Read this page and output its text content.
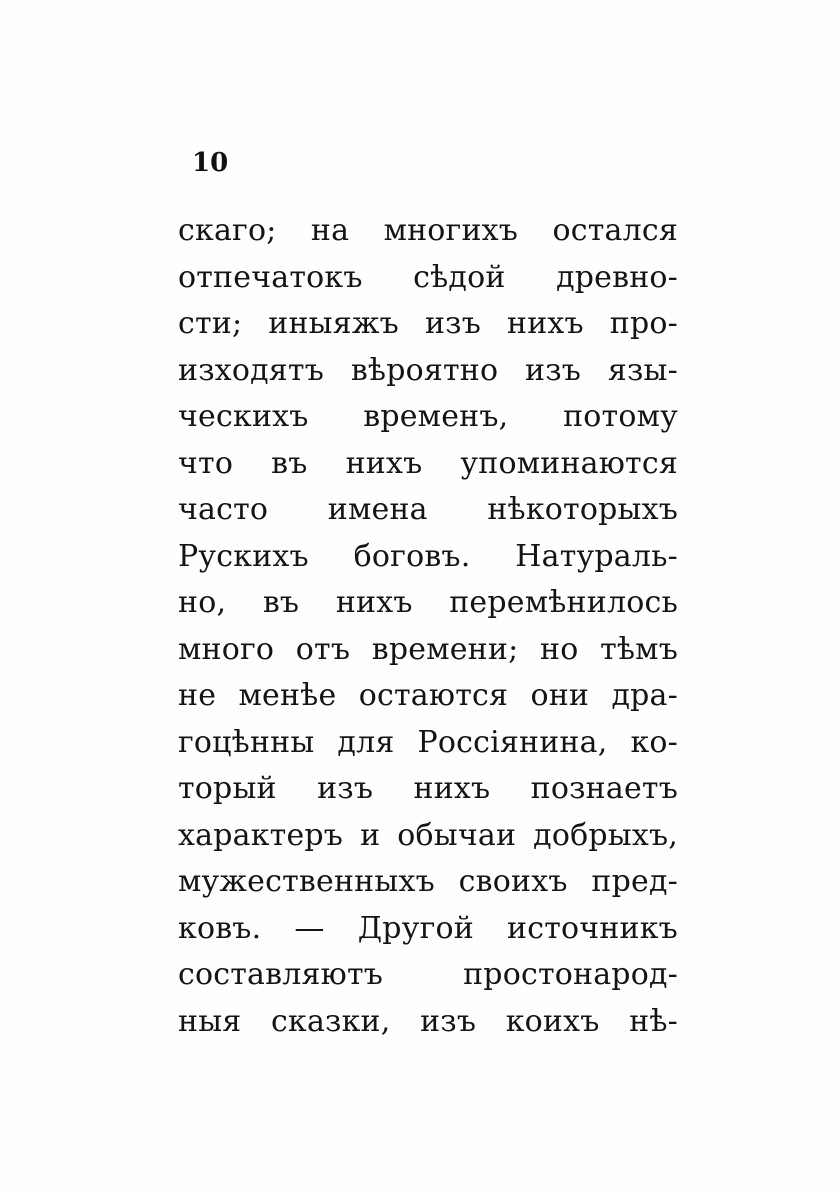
10
скаго; на многихъ остался
отпечатокъ сѣдой древно-
сти; иныяжъ изъ нихъ про-
изходятъ вѣроятно изъ язы-
ческихъ временъ, потому
что въ нихъ упоминаются
часто имена нѣкоторыхъ
Рускихъ боговъ. Натураль-
но, въ нихъ перемѣнилось
много отъ времени; но тѣмъ
не менѣе остаются они дра-
гоцѣнны для Россіянина, ко-
торый изъ нихъ познаетъ
характеръ и обычаи добрыхъ,
мужественныхъ своихъ пред-
ковъ. — Другой источникъ
составляютъ	простонарод-
ныя сказки, изъ коихъ нѣ-
